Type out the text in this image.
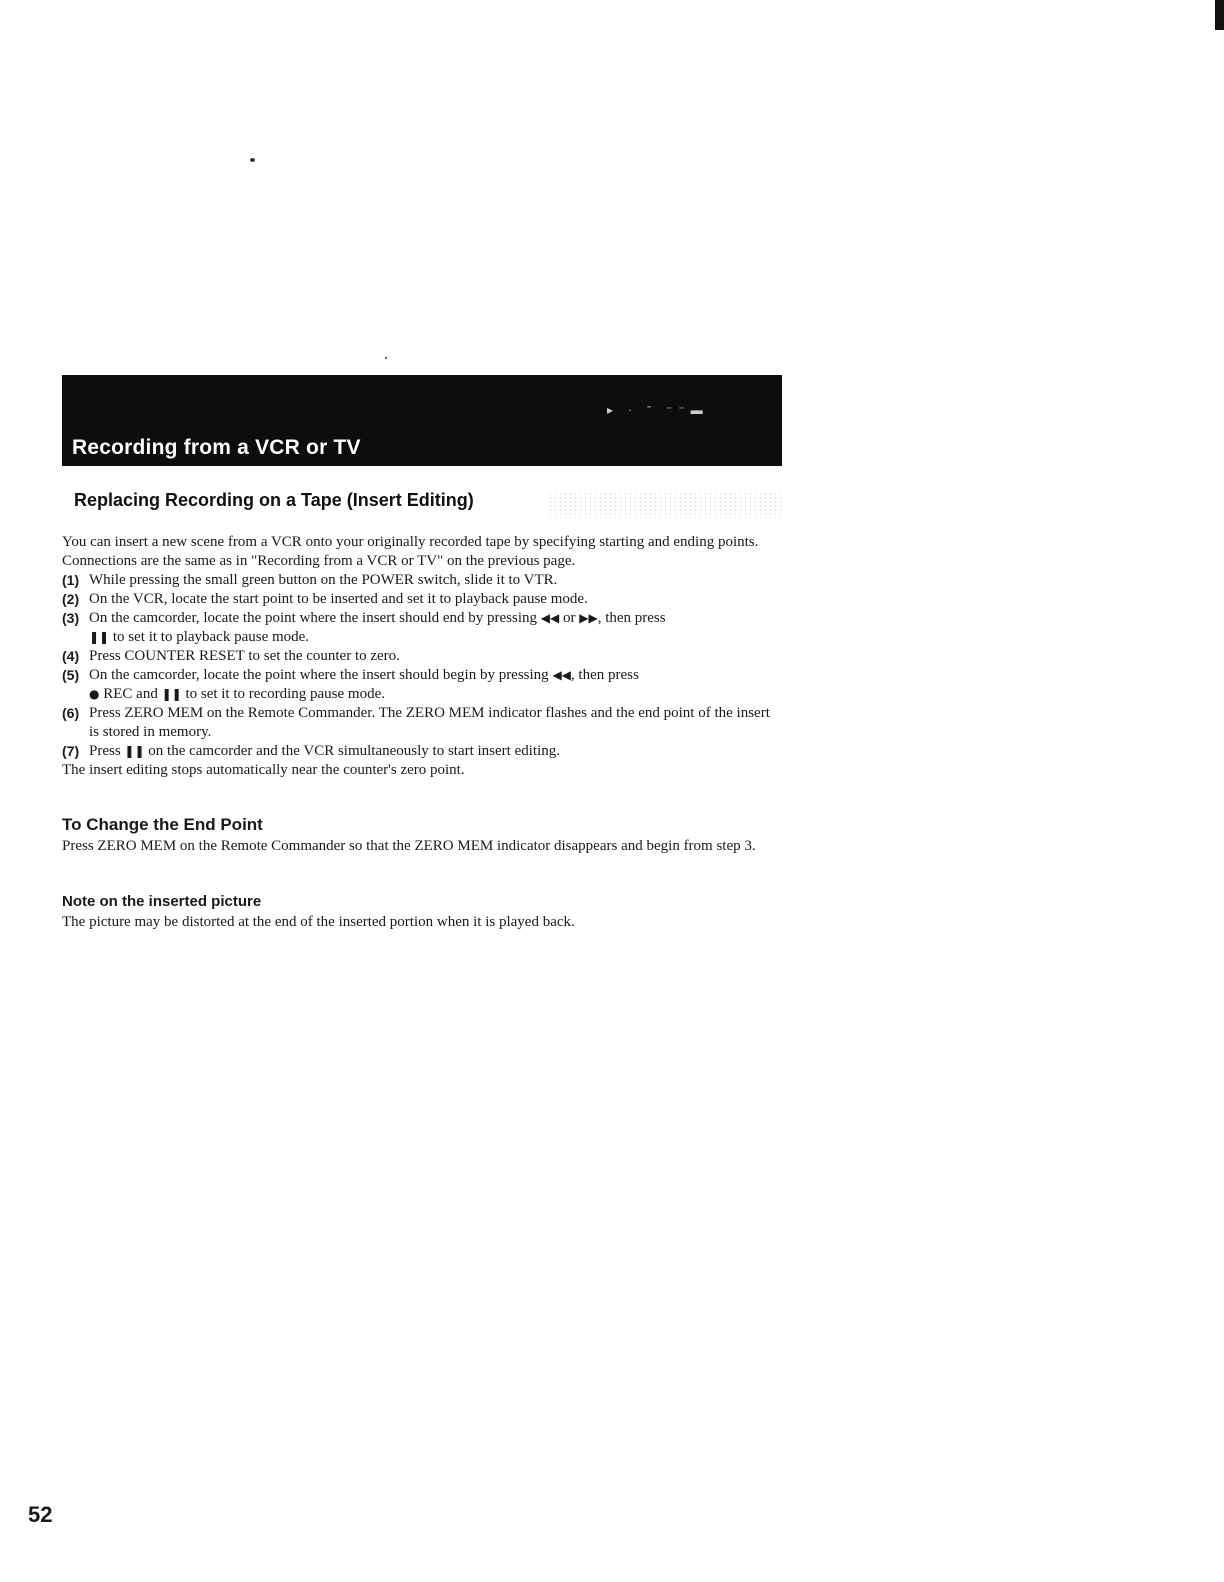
▸ · ˜ ⁻⁻▬
Recording from a VCR or TV
Replacing Recording on a Tape (Insert Editing)

You can insert a new scene from a VCR onto your originally recorded tape by specifying starting and ending points.

Connections are the same as in "Recording from a VCR or TV" on the previous page.

(1) While pressing the small green button on the POWER switch, slide it to VTR.

(2) On the VCR, locate the start point to be inserted and set it to playback pause mode.

(3) On the camcorder, locate the point where the insert should end by pressing ◀◀ or ▶▶, then press
❚❚ to set it to playback pause mode.

(4) Press COUNTER RESET to set the counter to zero.

(5) On the camcorder, locate the point where the insert should begin by pressing ◀◀, then press
● REC and ❚❚ to set it to recording pause mode.

(6) Press ZERO MEM on the Remote Commander. The ZERO MEM indicator flashes and the end point of the insert is stored in memory.

(7) Press ❚❚ on the camcorder and the VCR simultaneously to start insert editing.

The insert editing stops automatically near the counter's zero point.

To Change the End Point
Press ZERO MEM on the Remote Commander so that the ZERO MEM indicator disappears and begin from step 3.
Note on the inserted picture
The picture may be distorted at the end of the inserted portion when it is played back.
52
